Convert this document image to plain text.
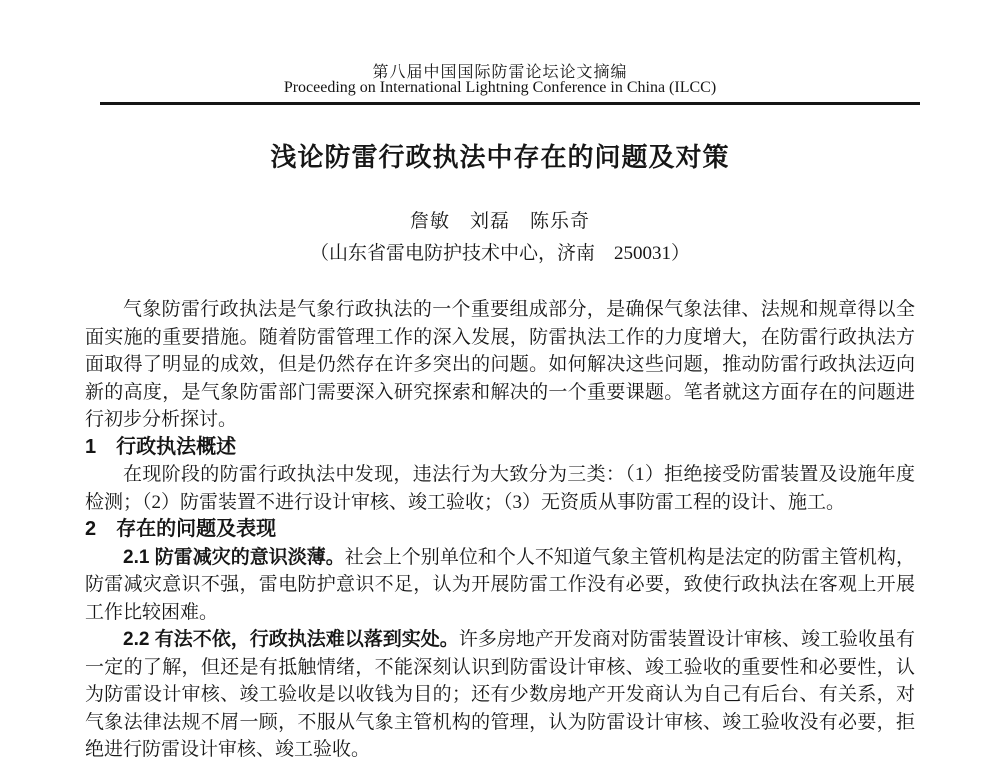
第八届中国国际防雷论坛论文摘编
Proceeding on International Lightning Conference in China (ILCC)
浅论防雷行政执法中存在的问题及对策
詹敏　刘磊　陈乐奇
（山东省雷电防护技术中心，济南　250031）
气象防雷行政执法是气象行政执法的一个重要组成部分，是确保气象法律、法规和规章得以全
面实施的重要措施。随着防雷管理工作的深入发展，防雷执法工作的力度增大，在防雷行政执法方
面取得了明显的成效，但是仍然存在许多突出的问题。如何解决这些问题，推动防雷行政执法迈向
新的高度，是气象防雷部门需要深入研究探索和解决的一个重要课题。笔者就这方面存在的问题进
行初步分析探讨。
1　行政执法概述
在现阶段的防雷行政执法中发现，违法行为大致分为三类：（1）拒绝接受防雷装置及设施年度
检测；（2）防雷装置不进行设计审核、竣工验收；（3）无资质从事防雷工程的设计、施工。
2　存在的问题及表现
2.1 防雷减灾的意识淡薄。社会上个别单位和个人不知道气象主管机构是法定的防雷主管机构，
防雷减灾意识不强，雷电防护意识不足，认为开展防雷工作没有必要，致使行政执法在客观上开展
工作比较困难。
2.2 有法不依，行政执法难以落到实处。许多房地产开发商对防雷装置设计审核、竣工验收虽有
一定的了解，但还是有抵触情绪，不能深刻认识到防雷设计审核、竣工验收的重要性和必要性，认
为防雷设计审核、竣工验收是以收钱为目的；还有少数房地产开发商认为自己有后台、有关系，对
气象法律法规不屑一顾，不服从气象主管机构的管理，认为防雷设计审核、竣工验收没有必要，拒
绝进行防雷设计审核、竣工验收。
